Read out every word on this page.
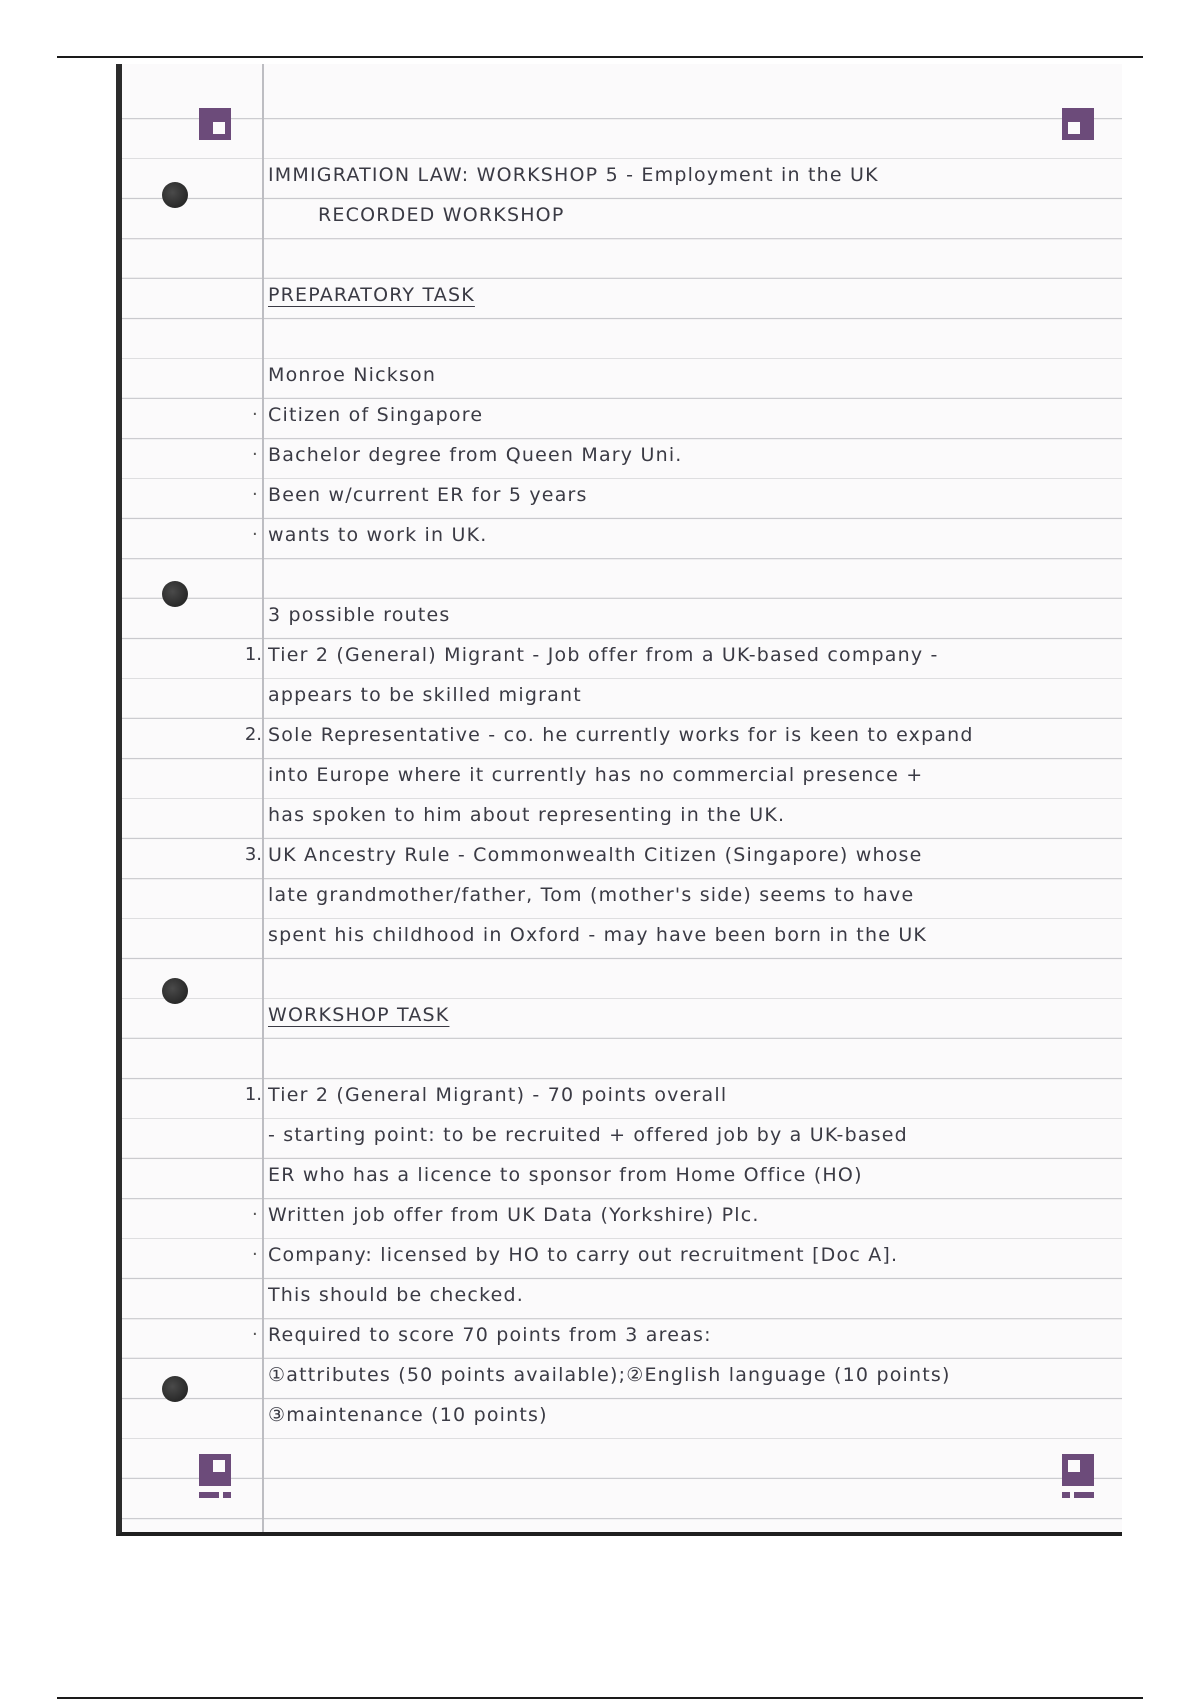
IMMIGRATION LAW: WORKSHOP 5 - Employment in the UK
RECORDED WORKSHOP
PREPARATORY TASK
Monroe Nickson
· Citizen of Singapore
· Bachelor degree from Queen Mary Uni.
· Been w/current ER for 5 years
· wants to work in UK.
3 possible routes
1. Tier 2 (General) Migrant - Job offer from a UK-based company -
appears to be skilled migrant
2. Sole Representative - co. he currently works for is keen to expand
into Europe where it currently has no commercial presence +
has spoken to him about representing in the UK.
3. UK Ancestry Rule - Commonwealth Citizen (Singapore) whose
late grandmother/father, Tom (mother's side) seems to have
spent his childhood in Oxford - may have been born in the UK
WORKSHOP TASK
1. Tier 2 (General Migrant) - 70 points overall
- starting point: to be recruited + offered job by a UK-based
ER who has a licence to sponsor from Home Office (HO)
· Written job offer from UK Data (Yorkshire) Plc.
· Company: licensed by HO to carry out recruitment [Doc A].
This should be checked.
· Required to score 70 points from 3 areas:
①attributes (50 points available);②English language (10 points)
③maintenance (10 points)
